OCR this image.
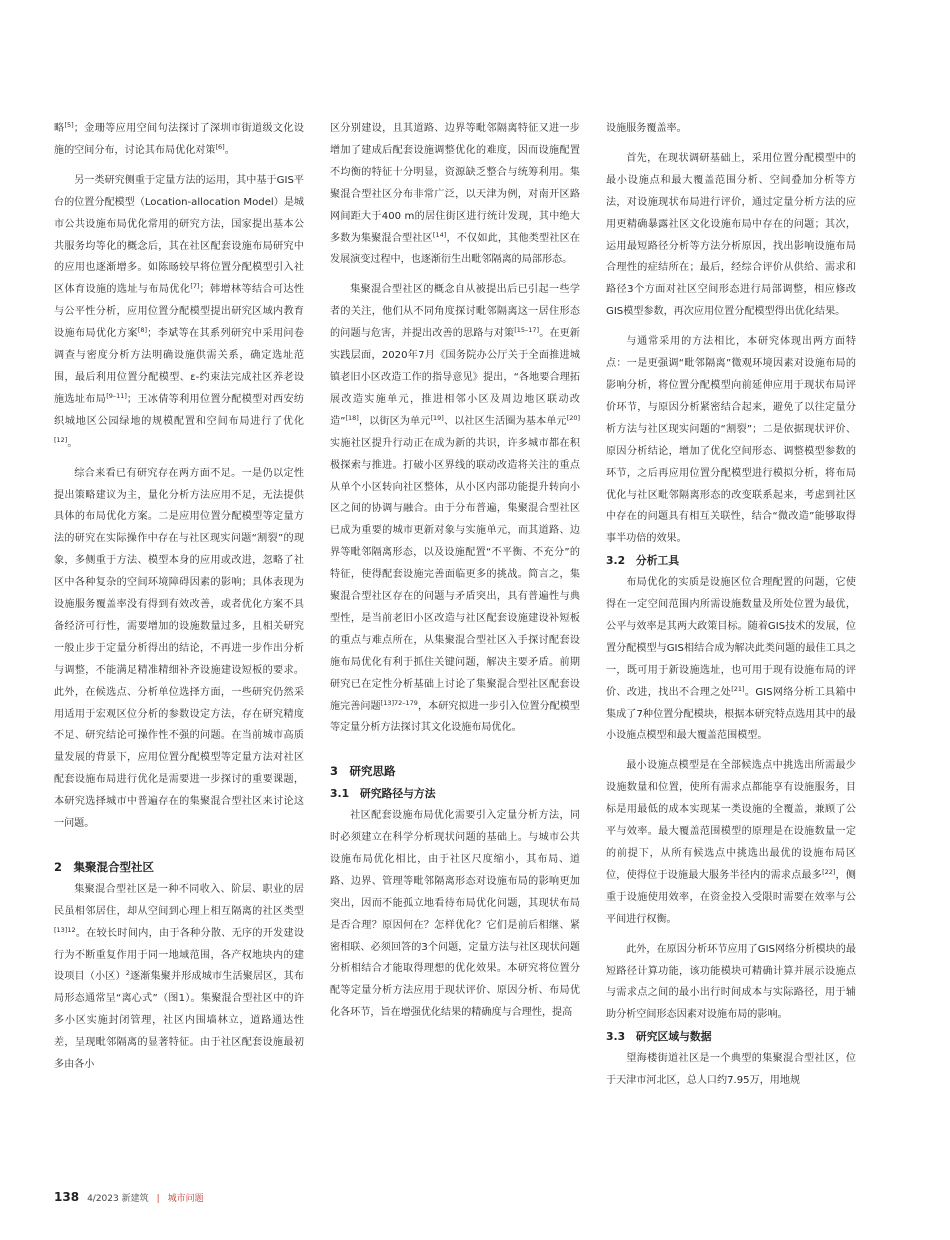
略[5]；金珊等应用空间句法探讨了深圳市街道级文化设施的空间分布，讨论其布局优化对策[6]。

另一类研究侧重于定量方法的运用，其中基于GIS平台的位置分配模型（Location-allocation Model）是城市公共设施布局优化常用的研究方法，国家提出基本公共服务均等化的概念后，其在社区配套设施布局研究中的应用也逐渐增多。如陈旸较早将位置分配模型引入社区体育设施的选址与布局优化[7]；韩增林等结合可达性与公平性分析，应用位置分配模型提出研究区域内教育设施布局优化方案[8]；李斌等在其系列研究中采用问卷调查与密度分析方法明确设施供需关系，确定选址范围，最后利用位置分配模型、ε-约束法完成社区养老设施选址布局[9–11]；王冰倩等利用位置分配模型对西安纺织城地区公园绿地的规模配置和空间布局进行了优化[12]。

综合来看已有研究存在两方面不足。一是仍以定性提出策略建议为主，量化分析方法应用不足，无法提供具体的布局优化方案。二是应用位置分配模型等定量方法的研究在实际操作中存在与社区现实问题“割裂”的现象，多侧重于方法、模型本身的应用或改进，忽略了社区中各种复杂的空间环境障碍因素的影响；具体表现为设施服务覆盖率没有得到有效改善，或者优化方案不具备经济可行性，需要增加的设施数量过多，且相关研究一般止步于定量分析得出的结论，不再进一步作出分析与调整，不能满足精准精细补齐设施建设短板的要求。此外，在候选点、分析单位选择方面，一些研究仍然采用适用于宏观区位分析的参数设定方法，存在研究精度不足、研究结论可操作性不强的问题。在当前城市高质量发展的背景下，应用位置分配模型等定量方法对社区配套设施布局进行优化是需要进一步探讨的重要课题，本研究选择城市中普遍存在的集聚混合型社区来讨论这一问题。

2　集聚混合型社区

集聚混合型社区是一种不同收入、阶层、职业的居民虽相邻居住，却从空间到心理上相互隔离的社区类型$^{[13]12}$。在较长时间内，由于各种分散、无序的开发建设行为不断重复作用于同一地域范围，各产权地块内的建设项目（小区）$^2$逐渐集聚并形成城市生活聚居区，其布局形态通常呈“离心式”（图1）。集聚混合型社区中的许多小区实施封闭管理，社区内围墙林立，道路通达性差，呈现毗邻隔离的显著特征。由于社区配套设施最初多由各小

区分别建设，且其道路、边界等毗邻隔离特征又进一步增加了建成后配套设施调整优化的难度，因而设施配置不均衡的特征十分明显，资源缺乏整合与统筹利用。集聚混合型社区分布非常广泛，以天津为例，对南开区路网间距大于400 m的居住街区进行统计发现，其中绝大多数为集聚混合型社区[14]，不仅如此，其他类型社区在发展演变过程中，也逐渐衍生出毗邻隔离的局部形态。

集聚混合型社区的概念自从被提出后已引起一些学者的关注，他们从不同角度探讨毗邻隔离这一居住形态的问题与危害，并提出改善的思路与对策[15–17]。在更新实践层面，2020年7月《国务院办公厅关于全面推进城镇老旧小区改造工作的指导意见》提出，“各地要合理拓展改造实施单元，推进相邻小区及周边地区联动改造”[18]，以街区为单元[19]、以社区生活圈为基本单元[20]实施社区提升行动正在成为新的共识，许多城市都在积极探索与推进。打破小区界线的联动改造将关注的重点从单个小区转向社区整体，从小区内部功能提升转向小区之间的协调与融合。由于分布普遍，集聚混合型社区已成为重要的城市更新对象与实施单元，而其道路、边界等毗邻隔离形态，以及设施配置“不平衡、不充分”的特征，使得配套设施完善面临更多的挑战。简言之，集聚混合型社区存在的问题与矛盾突出，具有普遍性与典型性，是当前老旧小区改造与社区配套设施建设补短板的重点与难点所在，从集聚混合型社区入手探讨配套设施布局优化有利于抓住关键问题，解决主要矛盾。前期研究已在定性分析基础上讨论了集聚混合型社区配套设施完善问题$^{[13]72-179}$，本研究拟进一步引入位置分配模型等定量分析方法探讨其文化设施布局优化。

3　研究思路
3.1　研究路径与方法

社区配套设施布局优化需要引入定量分析方法，同时必须建立在科学分析现状问题的基础上。与城市公共设施布局优化相比，由于社区尺度缩小，其布局、道路、边界、管理等毗邻隔离形态对设施布局的影响更加突出，因而不能孤立地看待布局优化问题，其现状布局是否合理？原因何在？怎样优化？它们是前后相继、紧密相联、必须回答的3个问题，定量方法与社区现状问题分析相结合才能取得理想的优化效果。本研究将位置分配等定量分析方法应用于现状评价、原因分析、布局优化各环节，旨在增强优化结果的精确度与合理性，提高

设施服务覆盖率。

首先，在现状调研基础上，采用位置分配模型中的最小设施点和最大覆盖范围分析、空间叠加分析等方法，对设施现状布局进行评价，通过定量分析方法的应用更精确暴露社区文化设施布局中存在的问题；其次，运用最短路径分析等方法分析原因，找出影响设施布局合理性的症结所在；最后，经综合评价从供给、需求和路径3个方面对社区空间形态进行局部调整，相应修改GIS模型参数，再次应用位置分配模型得出优化结果。

与通常采用的方法相比，本研究体现出两方面特点：一是更强调“毗邻隔离”微观环境因素对设施布局的影响分析，将位置分配模型向前延伸应用于现状布局评价环节，与原因分析紧密结合起来，避免了以往定量分析方法与社区现实问题的“割裂”；二是依据现状评价、原因分析结论，增加了优化空间形态、调整模型参数的环节，之后再应用位置分配模型进行模拟分析，将布局优化与社区毗邻隔离形态的改变联系起来，考虑到社区中存在的问题具有相互关联性，结合“微改造”能够取得事半功倍的效果。

3.2　分析工具

布局优化的实质是设施区位合理配置的问题，它使得在一定空间范围内所需设施数量及所处位置为最优，公平与效率是其两大政策目标。随着GIS技术的发展，位置分配模型与GIS相结合成为解决此类问题的最佳工具之一，既可用于新设施选址，也可用于现有设施布局的评价、改进，找出不合理之处[21]。GIS网络分析工具箱中集成了7种位置分配模块，根据本研究特点选用其中的最小设施点模型和最大覆盖范围模型。

最小设施点模型是在全部候选点中挑选出所需最少设施数量和位置，使所有需求点都能享有设施服务，目标是用最低的成本实现某一类设施的全覆盖，兼顾了公平与效率。最大覆盖范围模型的原理是在设施数量一定的前提下，从所有候选点中挑选出最优的设施布局区位，使得位于设施最大服务半径内的需求点最多[22]，侧重于设施使用效率，在资金投入受限时需要在效率与公平间进行权衡。

此外，在原因分析环节应用了GIS网络分析模块的最短路径计算功能，该功能模块可精确计算并展示设施点与需求点之间的最小出行时间成本与实际路径，用于辅助分析空间形态因素对设施布局的影响。

3.3　研究区域与数据

望海楼街道社区是一个典型的集聚混合型社区，位于天津市河北区，总人口约7.95万，用地规

138 4/2023 新建筑 | 城市问题
